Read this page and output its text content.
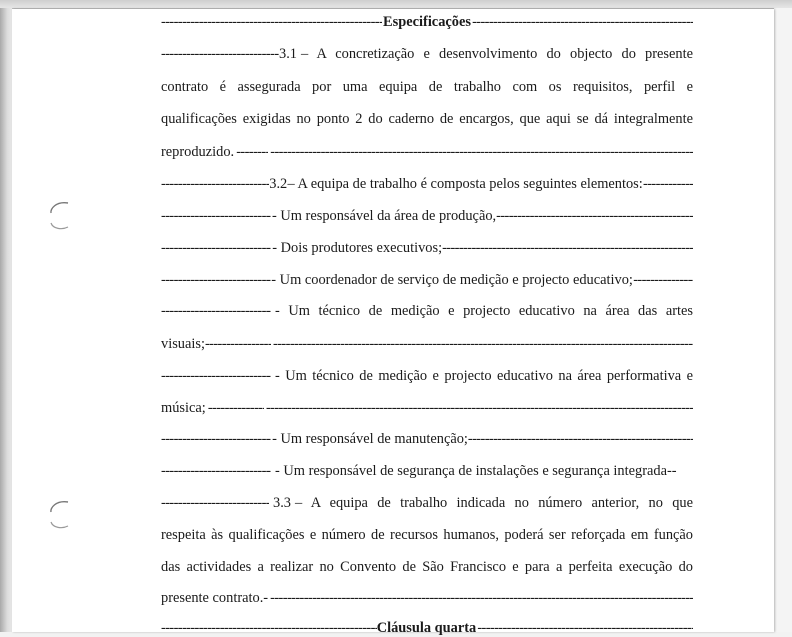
-----
Especificações
-----
-----
3.1 – A concretização e desenvolvimento do objecto do presente
contrato é assegurada por uma equipa de trabalho com os requisitos, perfil e
qualificações exigidas no ponto 2 do caderno de encargos, que aqui se dá integralmente
reproduzido.
-----
-----
-----
3.2 – A equipa de trabalho é composta pelos seguintes elementos:
-----
-----
- Um responsável da área de produção,
-----
-----
- Dois produtores executivos;
-----
-----
- Um coordenador de serviço de medição e projecto educativo;
-----
-----
- Um técnico de medição e projecto educativo na área das artes
visuais;
-----
-----
-----
- Um técnico de medição e projecto educativo na área performativa e
música;
-----
-----
-----
- Um responsável de manutenção;
-----
-----
- Um responsável de segurança de instalações e segurança integrada--
-----
3.3 – A equipa de trabalho indicada no número anterior, no que
respeita às qualificações e número de recursos humanos, poderá ser reforçada em função
das actividades a realizar no Convento de São Francisco e para a perfeita execução do
presente contrato.-
-----
-----
Cláusula quarta
-----
